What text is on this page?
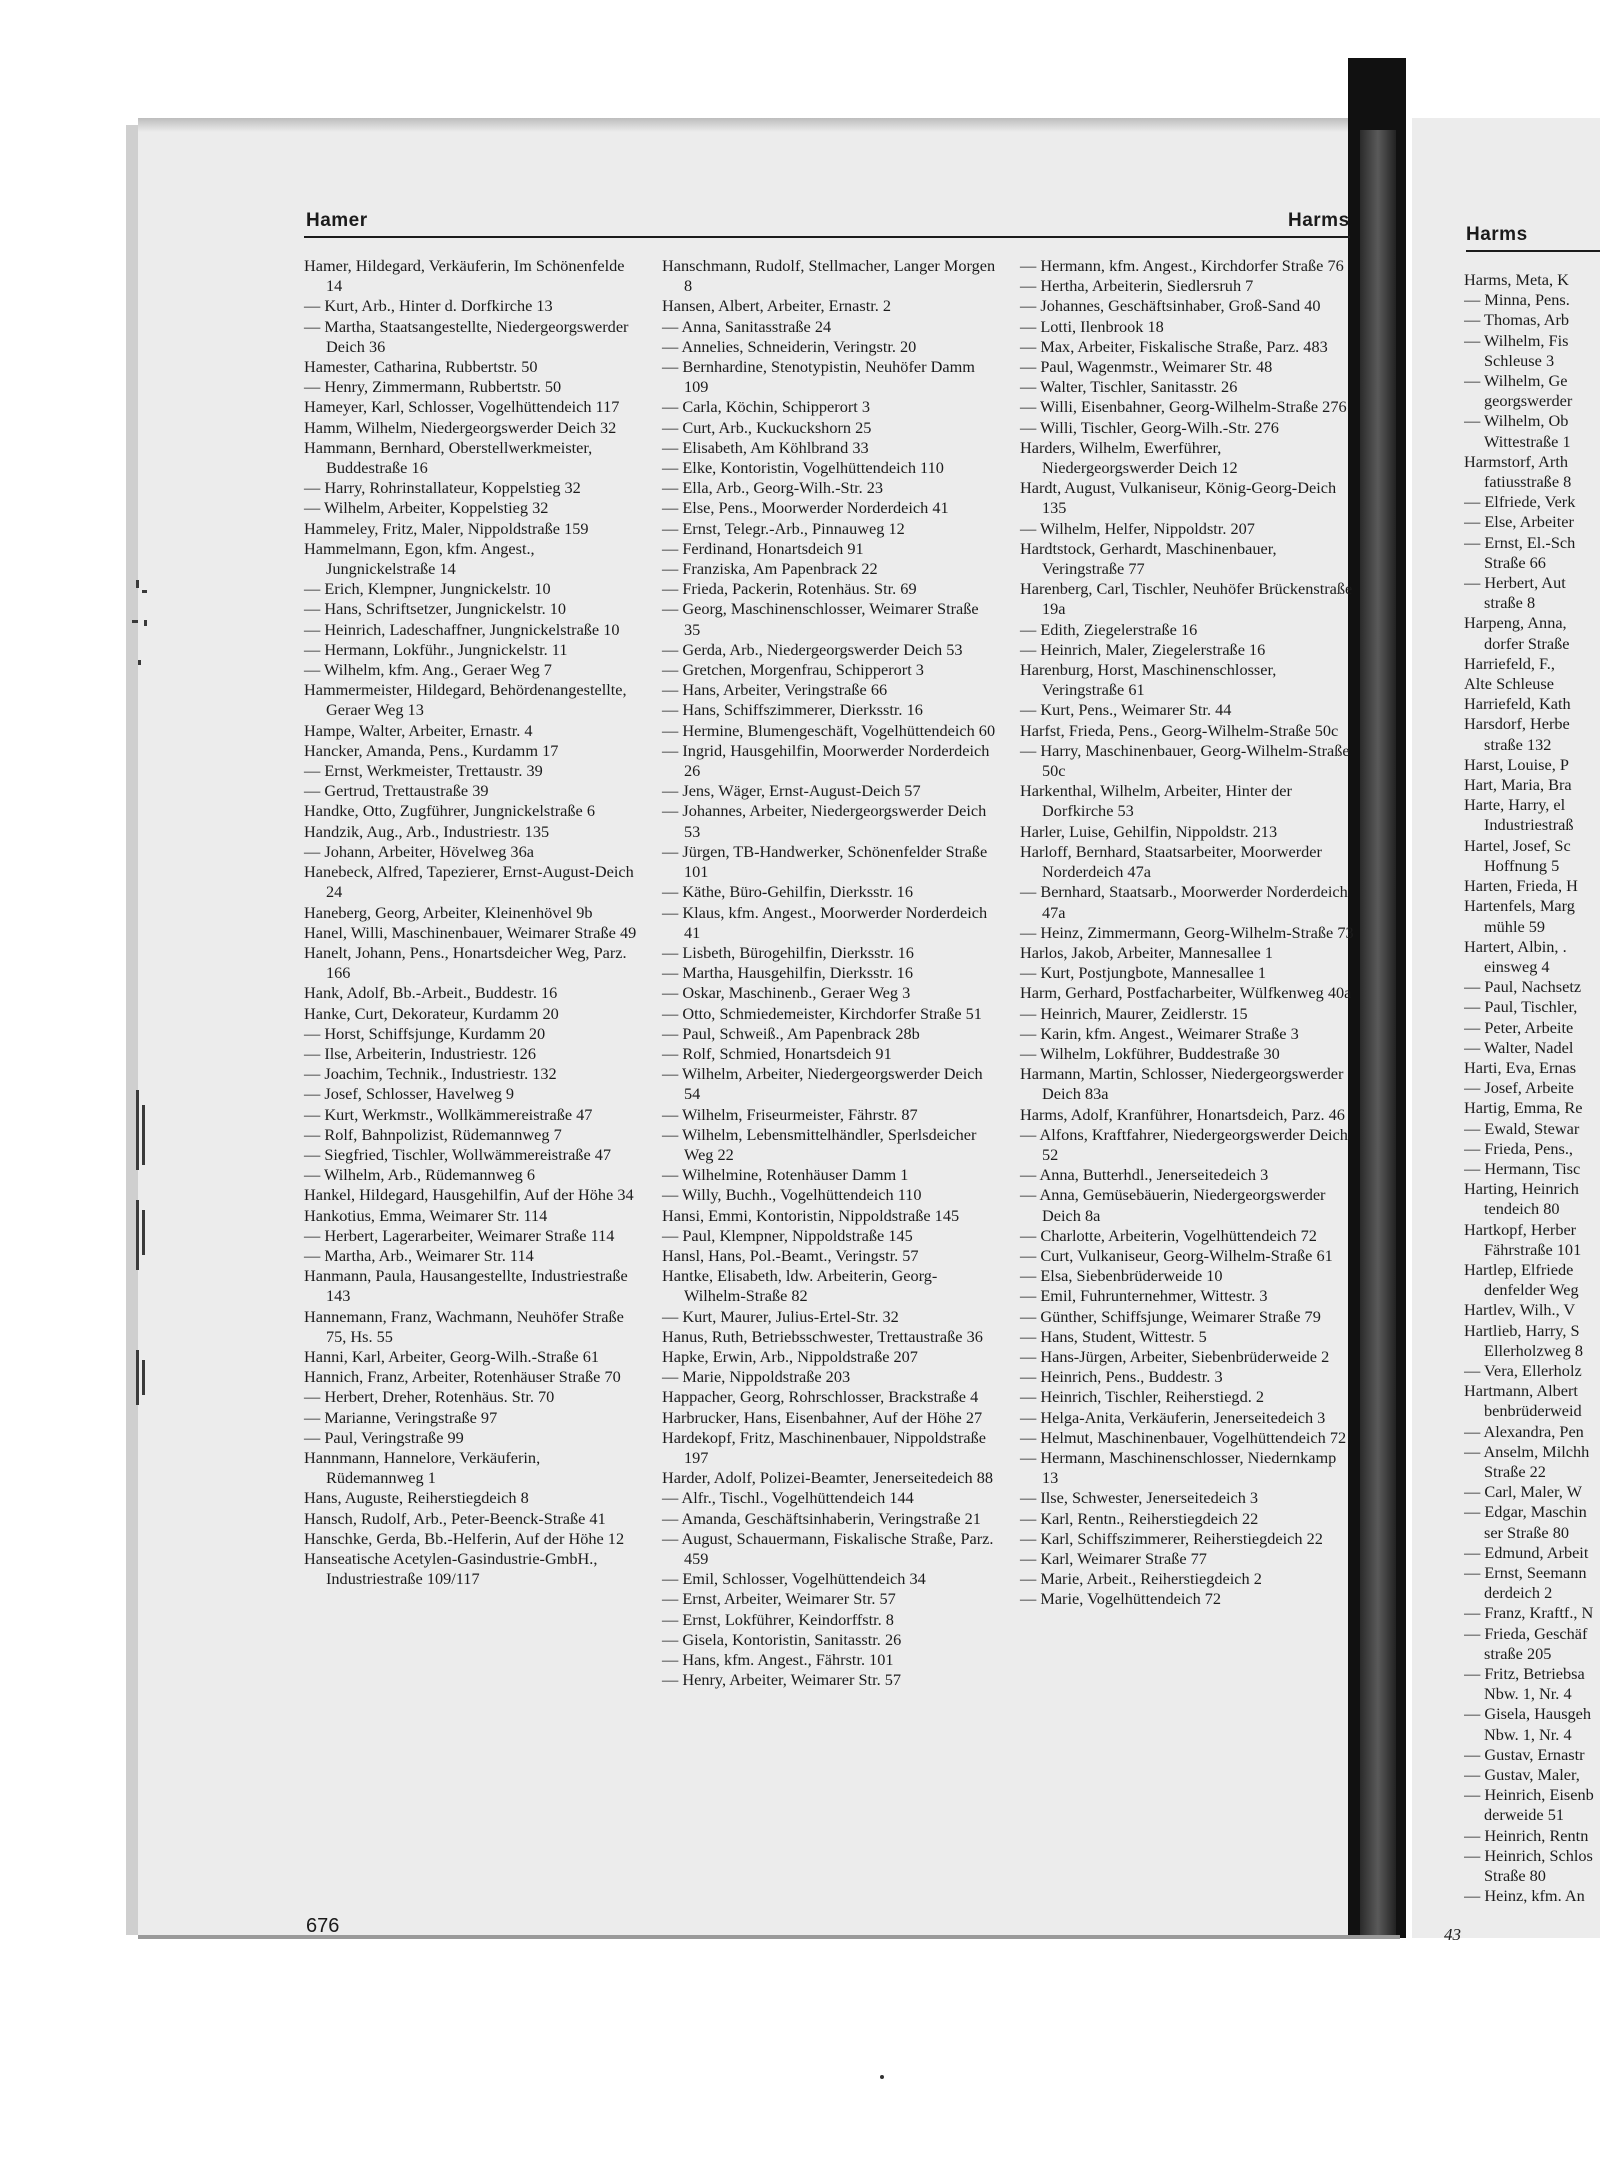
Hamer	Harms
Hamer, Hildegard, Verkäuferin, Im Schönenfelde 14
— Kurt, Arb., Hinter d. Dorfkirche 13
— Martha, Staatsangestellte, Niedergeorgswerder Deich 36
Hamester, Catharina, Rubbertstr. 50
— Henry, Zimmermann, Rubbertstr. 50
Hameyer, Karl, Schlosser, Vogelhüttendeich 117
Hamm, Wilhelm, Niedergeorgswerder Deich 32
Hammann, Bernhard, Oberstellwerkmeister, Buddestraße 16
— Harry, Rohrinstallateur, Koppelstieg 32
— Wilhelm, Arbeiter, Koppelstieg 32
Hammeley, Fritz, Maler, Nippoldstraße 159
Hammelmann, Egon, kfm. Angest., Jungnickelstraße 14
— Erich, Klempner, Jungnickelstr. 10
— Hans, Schriftsetzer, Jungnickelstr. 10
— Heinrich, Ladeschaffner, Jungnickelstraße 10
— Hermann, Lokführ., Jungnickelstr. 11
— Wilhelm, kfm. Ang., Geraer Weg 7
Hammermeister, Hildegard, Behördenangestellte, Geraer Weg 13
Hampe, Walter, Arbeiter, Ernastr. 4
Hancker, Amanda, Pens., Kurdamm 17
— Ernst, Werkmeister, Trettaustr. 39
— Gertrud, Trettaustraße 39
Handke, Otto, Zugführer, Jungnickelstraße 6
Handzik, Aug., Arb., Industriestr. 135
— Johann, Arbeiter, Hövelweg 36a
Hanebeck, Alfred, Tapezierer, Ernst-August-Deich 24
Haneberg, Georg, Arbeiter, Kleinenhövel 9b
Hanel, Willi, Maschinenbauer, Weimarer Straße 49
Hanelt, Johann, Pens., Honartsdeicher Weg, Parz. 166
Hank, Adolf, Bb.-Arbeit., Buddestr. 16
Hanke, Curt, Dekorateur, Kurdamm 20
— Horst, Schiffsjunge, Kurdamm 20
— Ilse, Arbeiterin, Industriestr. 126
— Joachim, Technik., Industriestr. 132
— Josef, Schlosser, Havelweg 9
— Kurt, Werkmstr., Wollkämmereistraße 47
— Rolf, Bahnpolizist, Rüdemannweg 7
— Siegfried, Tischler, Wollwämmereistraße 47
— Wilhelm, Arb., Rüdemannweg 6
Hankel, Hildegard, Hausgehilfin, Auf der Höhe 34
Hankotius, Emma, Weimarer Str. 114
— Herbert, Lagerarbeiter, Weimarer Straße 114
— Martha, Arb., Weimarer Str. 114
Hanmann, Paula, Hausangestellte, Industriestraße 143
Hannemann, Franz, Wachmann, Neuhöfer Straße 75, Hs. 55
Hanni, Karl, Arbeiter, Georg-Wilh.-Straße 61
Hannich, Franz, Arbeiter, Rotenhäuser Straße 70
— Herbert, Dreher, Rotenhäus. Str. 70
— Marianne, Veringstraße 97
— Paul, Veringstraße 99
Hannmann, Hannelore, Verkäuferin, Rüdemannweg 1
Hans, Auguste, Reiherstiegdeich 8
Hansch, Rudolf, Arb., Peter-Beenck-Straße 41
Hanschke, Gerda, Bb.-Helferin, Auf der Höhe 12
Hanseatische Acetylen-Gasindustrie-GmbH., Industriestraße 109/117
Hanschmann, Rudolf, Stellmacher, Langer Morgen 8
Hansen, Albert, Arbeiter, Ernastr. 2
— Anna, Sanitasstraße 24
— Annelies, Schneiderin, Veringstr. 20
— Bernhardine, Stenotypistin, Neuhöfer Damm 109
— Carla, Köchin, Schipperort 3
— Curt, Arb., Kuckuckshorn 25
— Elisabeth, Am Köhlbrand 33
— Elke, Kontoristin, Vogelhüttendeich 110
— Ella, Arb., Georg-Wilh.-Str. 23
— Else, Pens., Moorwerder Norderdeich 41
— Ernst, Telegr.-Arb., Pinnauweg 12
— Ferdinand, Honartsdeich 91
— Franziska, Am Papenbrack 22
— Frieda, Packerin, Rotenhäus. Str. 69
— Georg, Maschinenschlosser, Weimarer Straße 35
— Gerda, Arb., Niedergeorgswerder Deich 53
— Gretchen, Morgenfrau, Schipperort 3
— Hans, Arbeiter, Veringstraße 66
— Hans, Schiffszimmerer, Dierksstr. 16
— Hermine, Blumengeschäft, Vogelhüttendeich 60
— Ingrid, Hausgehilfin, Moorwerder Norderdeich 26
— Jens, Wäger, Ernst-August-Deich 57
— Johannes, Arbeiter, Niedergeorgswerder Deich 53
— Jürgen, TB-Handwerker, Schönenfelder Straße 101
— Käthe, Büro-Gehilfin, Dierksstr. 16
— Klaus, kfm. Angest., Moorwerder Norderdeich 41
— Lisbeth, Bürogehilfin, Dierksstr. 16
— Martha, Hausgehilfin, Dierksstr. 16
— Oskar, Maschinenb., Geraer Weg 3
— Otto, Schmiedemeister, Kirchdorfer Straße 51
— Paul, Schweiß., Am Papenbrack 28b
— Rolf, Schmied, Honartsdeich 91
— Wilhelm, Arbeiter, Niedergeorgswerder Deich 54
— Wilhelm, Friseurmeister, Fährstr. 87
— Wilhelm, Lebensmittelhändler, Sperlsdeicher Weg 22
— Wilhelmine, Rotenhäuser Damm 1
— Willy, Buchh., Vogelhüttendeich 110
Hansi, Emmi, Kontoristin, Nippoldstraße 145
— Paul, Klempner, Nippoldstraße 145
Hansl, Hans, Pol.-Beamt., Veringstr. 57
Hantke, Elisabeth, ldw. Arbeiterin, Georg-Wilhelm-Straße 82
— Kurt, Maurer, Julius-Ertel-Str. 32
Hanus, Ruth, Betriebsschwester, Trettaustraße 36
Hapke, Erwin, Arb., Nippoldstraße 207
— Marie, Nippoldstraße 203
Happacher, Georg, Rohrschlosser, Brackstraße 4
Harbrucker, Hans, Eisenbahner, Auf der Höhe 27
Hardekopf, Fritz, Maschinenbauer, Nippoldstraße 197
Harder, Adolf, Polizei-Beamter, Jenerseitedeich 88
— Alfr., Tischl., Vogelhüttendeich 144
— Amanda, Geschäftsinhaberin, Veringstraße 21
— August, Schauermann, Fiskalische Straße, Parz. 459
— Emil, Schlosser, Vogelhüttendeich 34
— Ernst, Arbeiter, Weimarer Str. 57
— Ernst, Lokführer, Keindorffstr. 8
— Gisela, Kontoristin, Sanitasstr. 26
— Hans, kfm. Angest., Fährstr. 101
— Henry, Arbeiter, Weimarer Str. 57
— Hermann, kfm. Angest., Kirchdorfer Straße 76
— Hertha, Arbeiterin, Siedlersruh 7
— Johannes, Geschäftsinhaber, Groß-Sand 40
— Lotti, Ilenbrook 18
— Max, Arbeiter, Fiskalische Straße, Parz. 483
— Paul, Wagenmstr., Weimarer Str. 48
— Walter, Tischler, Sanitasstr. 26
— Willi, Eisenbahner, Georg-Wilhelm-Straße 276
— Willi, Tischler, Georg-Wilh.-Str. 276
Harders, Wilhelm, Ewerführer, Niedergeorgswerder Deich 12
Hardt, August, Vulkaniseur, König-Georg-Deich 135
— Wilhelm, Helfer, Nippoldstr. 207
Hardtstock, Gerhardt, Maschinenbauer, Veringstraße 77
Harenberg, Carl, Tischler, Neuhöfer Brückenstraße 19a
— Edith, Ziegelerstraße 16
— Heinrich, Maler, Ziegelerstraße 16
Harenburg, Horst, Maschinenschlosser, Veringstraße 61
— Kurt, Pens., Weimarer Str. 44
Harfst, Frieda, Pens., Georg-Wilhelm-Straße 50c
— Harry, Maschinenbauer, Georg-Wilhelm-Straße 50c
Harkenthal, Wilhelm, Arbeiter, Hinter der Dorfkirche 53
Harler, Luise, Gehilfin, Nippoldstr. 213
Harloff, Bernhard, Staatsarbeiter, Moorwerder Norderdeich 47a
— Bernhard, Staatsarb., Moorwerder Norderdeich 47a
— Heinz, Zimmermann, Georg-Wilhelm-Straße 73
Harlos, Jakob, Arbeiter, Mannesallee 1
— Kurt, Postjungbote, Mannesallee 1
Harm, Gerhard, Postfacharbeiter, Wülfkenweg 40a
— Heinrich, Maurer, Zeidlerstr. 15
— Karin, kfm. Angest., Weimarer Straße 3
— Wilhelm, Lokführer, Buddestraße 30
Harmann, Martin, Schlosser, Niedergeorgswerder Deich 83a
Harms, Adolf, Kranführer, Honartsdeich, Parz. 46
— Alfons, Kraftfahrer, Niedergeorgswerder Deich 52
— Anna, Butterhdl., Jenerseitedeich 3
— Anna, Gemüsebäuerin, Niedergeorgswerder Deich 8a
— Charlotte, Arbeiterin, Vogelhüttendeich 72
— Curt, Vulkaniseur, Georg-Wilhelm-Straße 61
— Elsa, Siebenbrüderweide 10
— Emil, Fuhrunternehmer, Wittestr. 3
— Günther, Schiffsjunge, Weimarer Straße 79
— Hans, Student, Wittestr. 5
— Hans-Jürgen, Arbeiter, Siebenbrüderweide 2
— Heinrich, Pens., Buddestr. 3
— Heinrich, Tischler, Reiherstiegd. 2
— Helga-Anita, Verkäuferin, Jenerseitedeich 3
— Helmut, Maschinenbauer, Vogelhüttendeich 72
— Hermann, Maschinenschlosser, Niedernkamp 13
— Ilse, Schwester, Jenerseitedeich 3
— Karl, Rentn., Reiherstiegdeich 22
— Karl, Schiffszimmerer, Reiherstiegdeich 22
— Karl, Weimarer Straße 77
— Marie, Arbeit., Reiherstiegdeich 2
— Marie, Vogelhüttendeich 72
676
Harms
Harms, Meta, K
— Minna, Pens.
— Thomas, Arb
— Wilhelm, Fis
Schleuse 3
— Wilhelm, Ge
georgswerder
— Wilhelm, Ob
Wittestraße 1
Harmstorf, Arth
fatiusstraße 8
— Elfriede, Verk
— Else, Arbeiter
— Ernst, El.-Sch
Straße 66
— Herbert, Aut
straße 8
Harpeng, Anna,
dorfer Straße
Harriefeld, F.,
Alte Schleuse
Harriefeld, Kath
Harsdorf, Herbe
straße 132
Harst, Louise, P
Hart, Maria, Bra
Harte, Harry, el
Industriestraß
Hartel, Josef, Sc
Hoffnung 5
Harten, Frieda, H
Hartenfels, Marg
mühle 59
Hartert, Albin, .
einsweg 4
— Paul, Nachsetz
— Paul, Tischler,
— Peter, Arbeite
— Walter, Nadel
Harti, Eva, Ernas
— Josef, Arbeite
Hartig, Emma, Re
— Ewald, Stewar
— Frieda, Pens.,
— Hermann, Tisc
Harting, Heinrich
tendeich 80
Hartkopf, Herber
Fährstraße 101
Hartlep, Elfriede
denfelder Weg
Hartlev, Wilh., V
Hartlieb, Harry, S
Ellerholzweg 8
— Vera, Ellerholz
Hartmann, Albert
benbrüderweid
— Alexandra, Pen
— Anselm, Milchh
Straße 22
— Carl, Maler, W
— Edgar, Maschin
ser Straße 80
— Edmund, Arbeit
— Ernst, Seemann
derdeich 2
— Franz, Kraftf., N
— Frieda, Geschäf
straße 205
— Fritz, Betriebsa
Nbw. 1, Nr. 4
— Gisela, Hausgeh
Nbw. 1, Nr. 4
— Gustav, Ernastr
— Gustav, Maler,
— Heinrich, Eisenb
derweide 51
— Heinrich, Rentn
— Heinrich, Schlos
Straße 80
— Heinz, kfm. An
43
